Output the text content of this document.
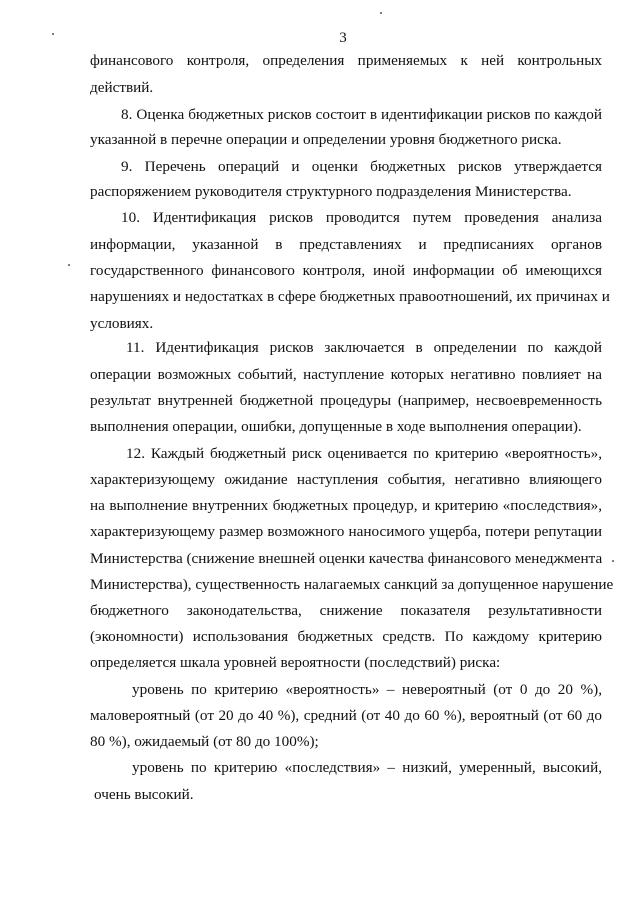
3
финансового контроля, определения применяемых к ней контрольных
действий.
8. Оценка бюджетных рисков состоит в идентификации рисков по каждой
указанной в перечне операции и определении уровня бюджетного риска.
9. Перечень операций и оценки бюджетных рисков утверждается
распоряжением руководителя структурного подразделения Министерства.
10. Идентификация рисков проводится путем проведения анализа
информации, указанной в представлениях и предписаниях органов
государственного финансового контроля, иной информации об имеющихся
нарушениях и недостатках в сфере бюджетных правоотношений, их причинах и
условиях.
11. Идентификация рисков заключается в определении по каждой
операции возможных событий, наступление которых негативно повлияет на
результат внутренней бюджетной процедуры (например, несвоевременность
выполнения операции, ошибки, допущенные в ходе выполнения операции).
12. Каждый бюджетный риск оценивается по критерию «вероятность»,
характеризующему ожидание наступления события, негативно влияющего
на выполнение внутренних бюджетных процедур, и критерию «последствия»,
характеризующему размер возможного наносимого ущерба, потери репутации
Министерства (снижение внешней оценки качества финансового менеджмента
Министерства), существенность налагаемых санкций за допущенное нарушение
бюджетного законодательства, снижение показателя результативности
(экономности) использования бюджетных средств. По каждому критерию
определяется шкала уровней вероятности (последствий) риска:
уровень по критерию «вероятность» – невероятный (от 0 до 20 %),
маловероятный (от 20 до 40 %), средний (от 40 до 60 %), вероятный (от 60 до
80 %), ожидаемый (от 80 до 100%);
уровень по критерию «последствия» – низкий, умеренный, высокий,
очень высокий.
